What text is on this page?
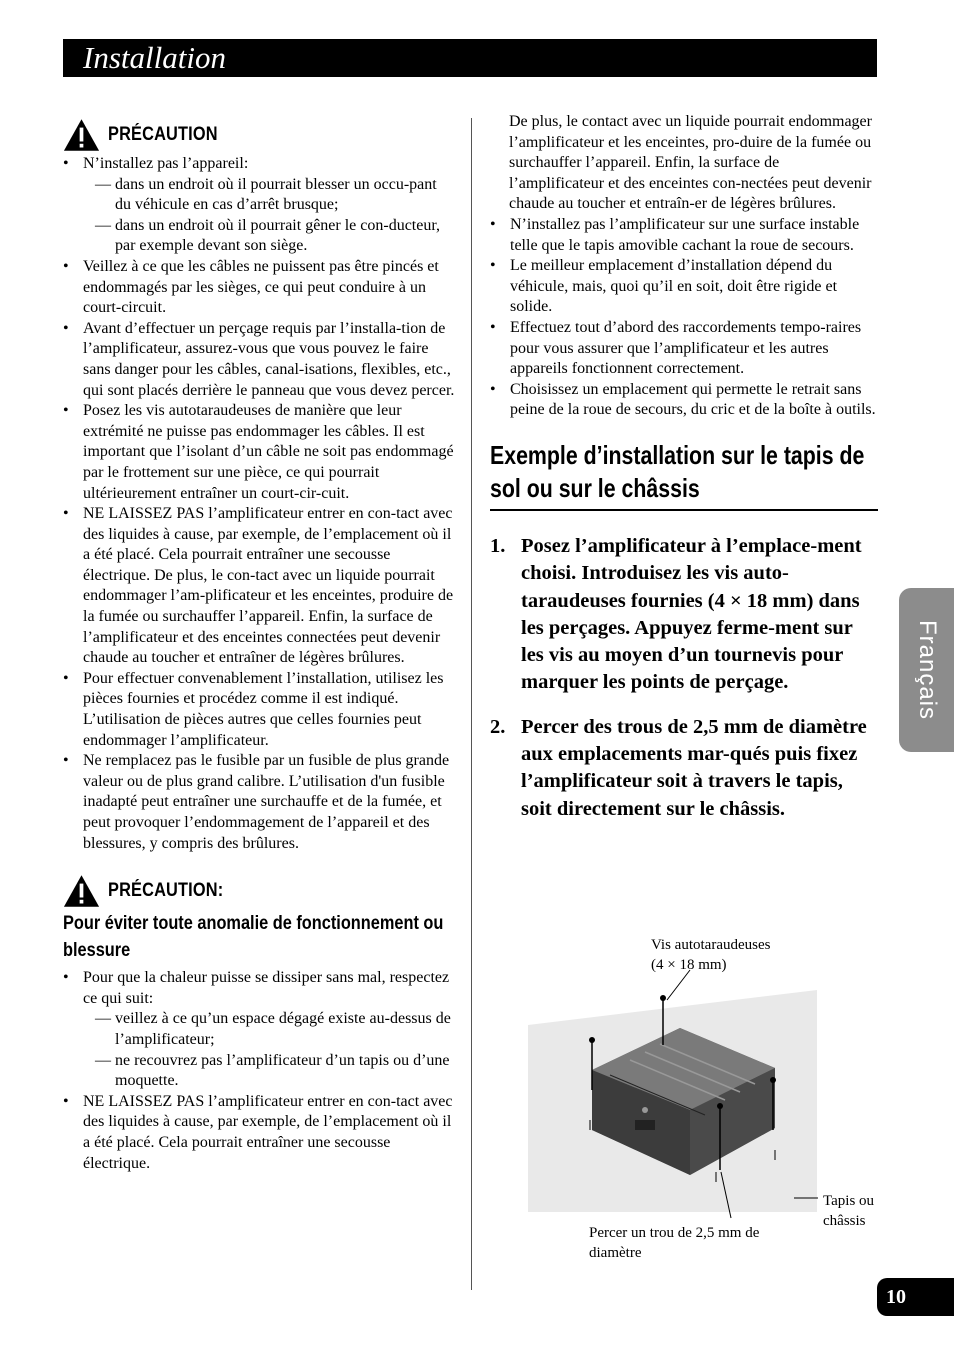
Installation
PRÉCAUTION
• N’installez pas l’appareil:
— dans un endroit où il pourrait blesser un occu-pant du véhicule en cas d’arrêt brusque;
— dans un endroit où il pourrait gêner le con-ducteur, par exemple devant son siège.
• Veillez à ce que les câbles ne puissent pas être pincés et endommagés par les sièges, ce qui peut conduire à un court-circuit.
• Avant d’effectuer un perçage requis par l’installa-tion de l’amplificateur, assurez-vous que vous pouvez le faire sans danger pour les câbles, canal-isations, flexibles, etc., qui sont placés derrière le panneau que vous devez percer.
• Posez les vis autotaraudeuses de manière que leur extrémité ne puisse pas endommager les câbles. Il est important que l’isolant d’un câble ne soit pas endommagé par le frottement sur une pièce, ce qui pourrait ultérieurement entraîner un court-cir-cuit.
• NE LAISSEZ PAS l’amplificateur entrer en con-tact avec des liquides à cause, par exemple, de l’emplacement où il a été placé. Cela pourrait entraîner une secousse électrique. De plus, le con-tact avec un liquide pourrait endommager l’am-plificateur et les enceintes, produire de la fumée ou surchauffer l’appareil. Enfin, la surface de l’amplificateur et des enceintes connectées peut devenir chaude au toucher et entraîner de légères brûlures.
• Pour effectuer convenablement l’installation, utilisez les pièces fournies et procédez comme il est indiqué. L’utilisation de pièces autres que celles fournies peut endommager l’amplificateur.
• Ne remplacez pas le fusible par un fusible de plus grande valeur ou de plus grand calibre. L’utilisation d'un fusible inadapté peut entraîner une surchauffe et de la fumée, et peut provoquer l’endommagement de l’appareil et des blessures, y compris des brûlures.
PRÉCAUTION:
Pour éviter toute anomalie de fonctionnement ou blessure
• Pour que la chaleur puisse se dissiper sans mal, respectez ce qui suit:
— veillez à ce qu’un espace dégagé existe au-dessus de l’amplificateur;
— ne recouvrez pas l’amplificateur d’un tapis ou d’une moquette.
• NE LAISSEZ PAS l’amplificateur entrer en con-tact avec des liquides à cause, par exemple, de l’emplacement où il a été placé. Cela pourrait entraîner une secousse électrique.
De plus, le contact avec un liquide pourrait endommager l’amplificateur et les enceintes, pro-duire de la fumée ou surchauffer l’appareil. Enfin, la surface de l’amplificateur et des enceintes con-nectées peut devenir chaude au toucher et entraîn-er de légères brûlures.
• N’installez pas l’amplificateur sur une surface instable telle que le tapis amovible cachant la roue de secours.
• Le meilleur emplacement d’installation dépend du véhicule, mais, quoi qu’il en soit, doit être rigide et solide.
• Effectuez tout d’abord des raccordements tempo-raires pour vous assurer que l’amplificateur et les autres appareils fonctionnent correctement.
• Choisissez un emplacement qui permette le retrait sans peine de la roue de secours, du cric et de la boîte à outils.
Exemple d’installation sur le tapis de sol ou sur le châssis
1. Posez l’amplificateur à l’emplace-ment choisi. Introduisez les vis auto-taraudeuses fournies (4 × 18 mm) dans les perçages. Appuyez ferme-ment sur les vis au moyen d’un tournevis pour marquer les points de perçage.
2. Percer des trous de 2,5 mm de diamètre aux emplacements mar-qués puis fixez l’amplificateur soit à travers le tapis, soit directement sur le châssis.
Vis autotaraudeuses
(4 × 18 mm)
Tapis ou
châssis
Percer un trou de 2,5 mm de
diamètre
Français
10
